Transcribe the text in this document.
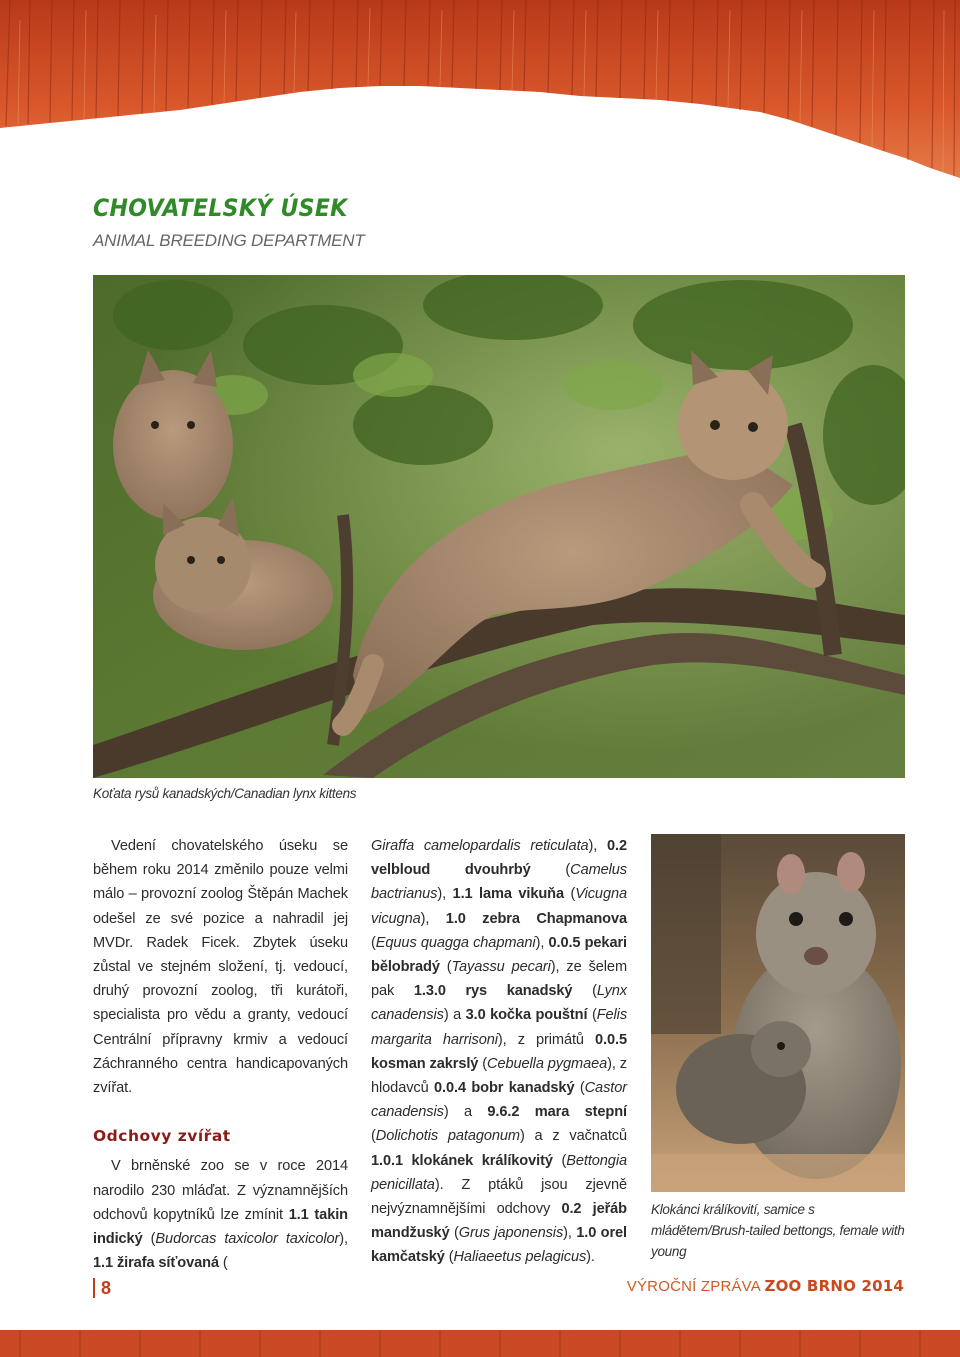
CHOVATELSKÝ ÚSEK
ANIMAL BREEDING DEPARTMENT
Koťata rysů kanadských/Canadian lynx kittens

Vedení chovatelského úseku se během roku 2014 změnilo pouze velmi málo – provozní zoolog Štěpán Machek odešel ze své pozice a nahradil jej MVDr. Radek Ficek. Zbytek úseku zůstal ve stejném složení, tj. vedoucí, druhý provozní zoolog, tři kurátoři, specialista pro vědu a granty, vedoucí Centrální přípravny krmiv a vedoucí Záchranného centra handicapovaných zvířat.

Odchovy zvířat

V brněnské zoo se v roce 2014 narodilo 230 mláďat. Z významnějších odchovů kopytníků lze zmínit 1.1 takin indický (Budorcas taxicolor taxicolor), 1.1 žirafa síťovaná (

Giraffa camelopardalis reticulata), 0.2 velbloud dvouhrbý (Camelus bactrianus), 1.1 lama vikuňa (Vicugna vicugna), 1.0 zebra Chapmanova (Equus quagga chapmani), 0.0.5 pekari bělobradý (Tayassu pecari), ze šelem pak 1.3.0 rys kanadský (Lynx canadensis) a 3.0 kočka pouštní (Felis margarita harrisoni), z primátů 0.0.5 kosman zakrslý (Cebuella pygmaea), z hlodavců 0.0.4 bobr kanadský (Castor canadensis) a 9.6.2 mara stepní (Dolichotis patagonum) a z vačnatců 1.0.1 klokánek králíkovitý (Bettongia penicillata). Z ptáků jsou zjevně nejvýznamnějšími odchovy 0.2 jeřáb mandžuský (Grus japonensis), 1.0 orel kamčatský (Haliaeetus pelagicus).

Klokánci králíkovití, samice s mládětem/Brush-tailed bettongs, female with young
8	VÝROČNÍ ZPRÁVA ZOO BRNO 2014
